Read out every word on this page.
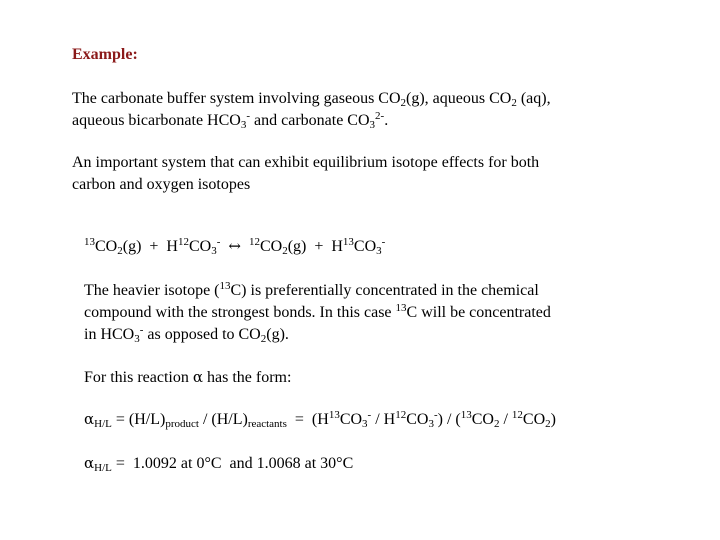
Example:
The carbonate buffer system involving gaseous $CO_2(g)$, aqueous $CO_2$ (aq),
aqueous bicarbonate $HCO_3^-$ and carbonate $CO_3^{2-}$.
An important system that can exhibit equilibrium isotope effects for both
carbon and oxygen isotopes
$^{13}CO_2(g) + H^{12}CO_3^-$ ↔ $^{12}CO_2(g) + H^{13}CO_3^-$
The heavier isotope ($^{13}$C) is preferentially concentrated in the chemical
compound with the strongest bonds. In this case $^{13}$C will be concentrated
in $HCO_3^-$ as opposed to $CO_2(g)$.
For this reaction α has the form:
$\alpha_{H/L} = (H/L)_{product} / (H/L)_{reactants} = (H^{13}CO_3^- / H^{12}CO_3^-) / (^{13}CO_2 / ^{12}CO_2)$
$\alpha_{H/L} = 1.0092$ at 0°C  and 1.0068 at 30°C
